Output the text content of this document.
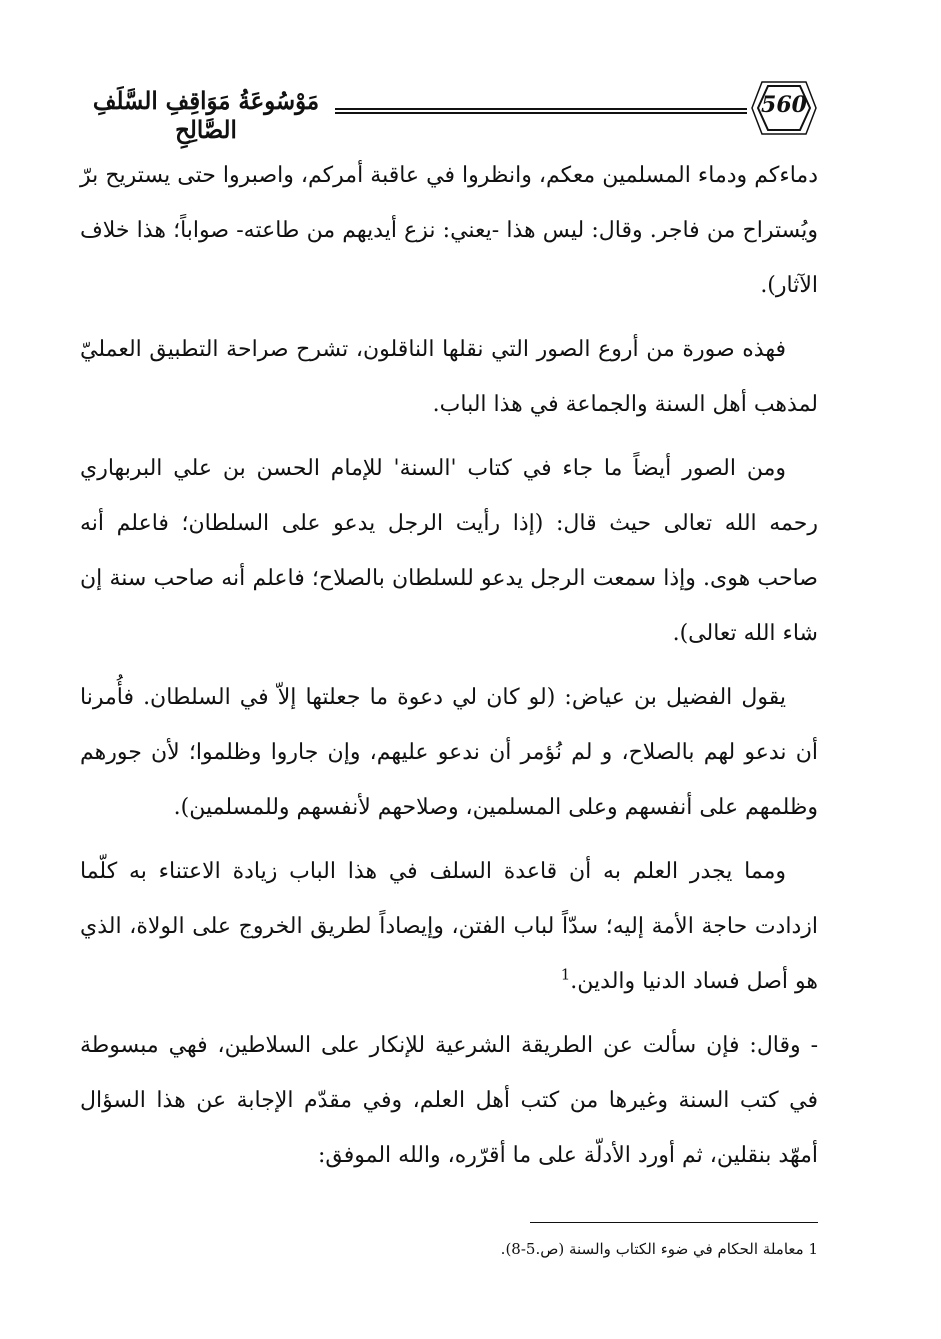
مَوْسُوعَةُ مَوَاقِفِ السَّلَفِ الصَّالِحِ
560

دماءكم ودماء المسلمين معكم، وانظروا في عاقبة أمركم، واصبروا حتى يستريح برّ ويُستراح من فاجر. وقال: ليس هذا -يعني: نزع أيديهم من طاعته- صواباً؛ هذا خلاف الآثار).

فهذه صورة من أروع الصور التي نقلها الناقلون، تشرح صراحة التطبيق العمليّ لمذهب أهل السنة والجماعة في هذا الباب.

ومن الصور أيضاً ما جاء في كتاب 'السنة' للإمام الحسن بن علي البربهاري رحمه الله تعالى حيث قال: (إذا رأيت الرجل يدعو على السلطان؛ فاعلم أنه صاحب هوى. وإذا سمعت الرجل يدعو للسلطان بالصلاح؛ فاعلم أنه صاحب سنة إن شاء الله تعالى).

يقول الفضيل بن عياض: (لو كان لي دعوة ما جعلتها إلاّ في السلطان. فأُمرنا أن ندعو لهم بالصلاح، و لم نُؤمر أن ندعو عليهم، وإن جاروا وظلموا؛ لأن جورهم وظلمهم على أنفسهم وعلى المسلمين، وصلاحهم لأنفسهم وللمسلمين).

ومما يجدر العلم به أن قاعدة السلف في هذا الباب زيادة الاعتناء به كلّما ازدادت حاجة الأمة إليه؛ سدّاً لباب الفتن، وإيصاداً لطريق الخروج على الولاة، الذي هو أصل فساد الدنيا والدين.$^1$

- وقال: فإن سألت عن الطريقة الشرعية للإنكار على السلاطين، فهي مبسوطة في كتب السنة وغيرها من كتب أهل العلم، وفي مقدّم الإجابة عن هذا السؤال أمهّد بنقلين، ثم أورد الأدلّة على ما أقرّره، والله الموفق:

1 معاملة الحكام في ضوء الكتاب والسنة (ص.5-8).
